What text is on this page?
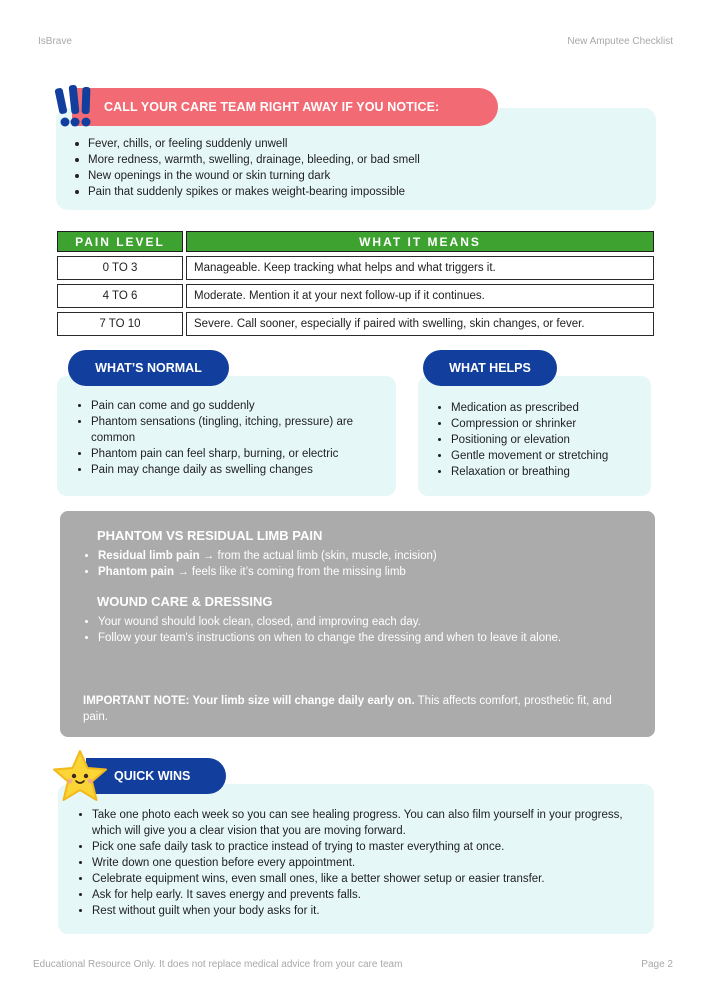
IsBrave	New Amputee Checklist
CALL YOUR CARE TEAM RIGHT AWAY IF YOU NOTICE:
Fever, chills, or feeling suddenly unwell
More redness, warmth, swelling, drainage, bleeding, or bad smell
New openings in the wound or skin turning dark
Pain that suddenly spikes or makes weight-bearing impossible
PAIN LEVEL	WHAT IT MEANS
0 TO 3	Manageable. Keep tracking what helps and what triggers it.
4 TO 6	Moderate. Mention it at your next follow-up if it continues.
7 TO 10	Severe. Call sooner, especially if paired with swelling, skin changes, or fever.
WHAT’S NORMAL
• Pain can come and go suddenly
• Phantom sensations (tingling, itching, pressure) are common
• Phantom pain can feel sharp, burning, or electric
• Pain may change daily as swelling changes
WHAT HELPS
• Medication as prescribed
• Compression or shrinker
• Positioning or elevation
• Gentle movement or stretching
• Relaxation or breathing
PHANTOM VS RESIDUAL LIMB PAIN
• Residual limb pain → from the actual limb (skin, muscle, incision)
• Phantom pain → feels like it’s coming from the missing limb
WOUND CARE & DRESSING
• Your wound should look clean, closed, and improving each day.
• Follow your team's instructions on when to change the dressing and when to leave it alone.
IMPORTANT NOTE: Your limb size will change daily early on. This affects comfort, prosthetic fit, and pain.
QUICK WINS
• Take one photo each week so you can see healing progress. You can also film yourself in your progress, which will give you a clear vision that you are moving forward.
• Pick one safe daily task to practice instead of trying to master everything at once.
• Write down one question before every appointment.
• Celebrate equipment wins, even small ones, like a better shower setup or easier transfer.
• Ask for help early. It saves energy and prevents falls.
• Rest without guilt when your body asks for it.
Educational Resource Only. It does not replace medical advice from your care team	Page 2
